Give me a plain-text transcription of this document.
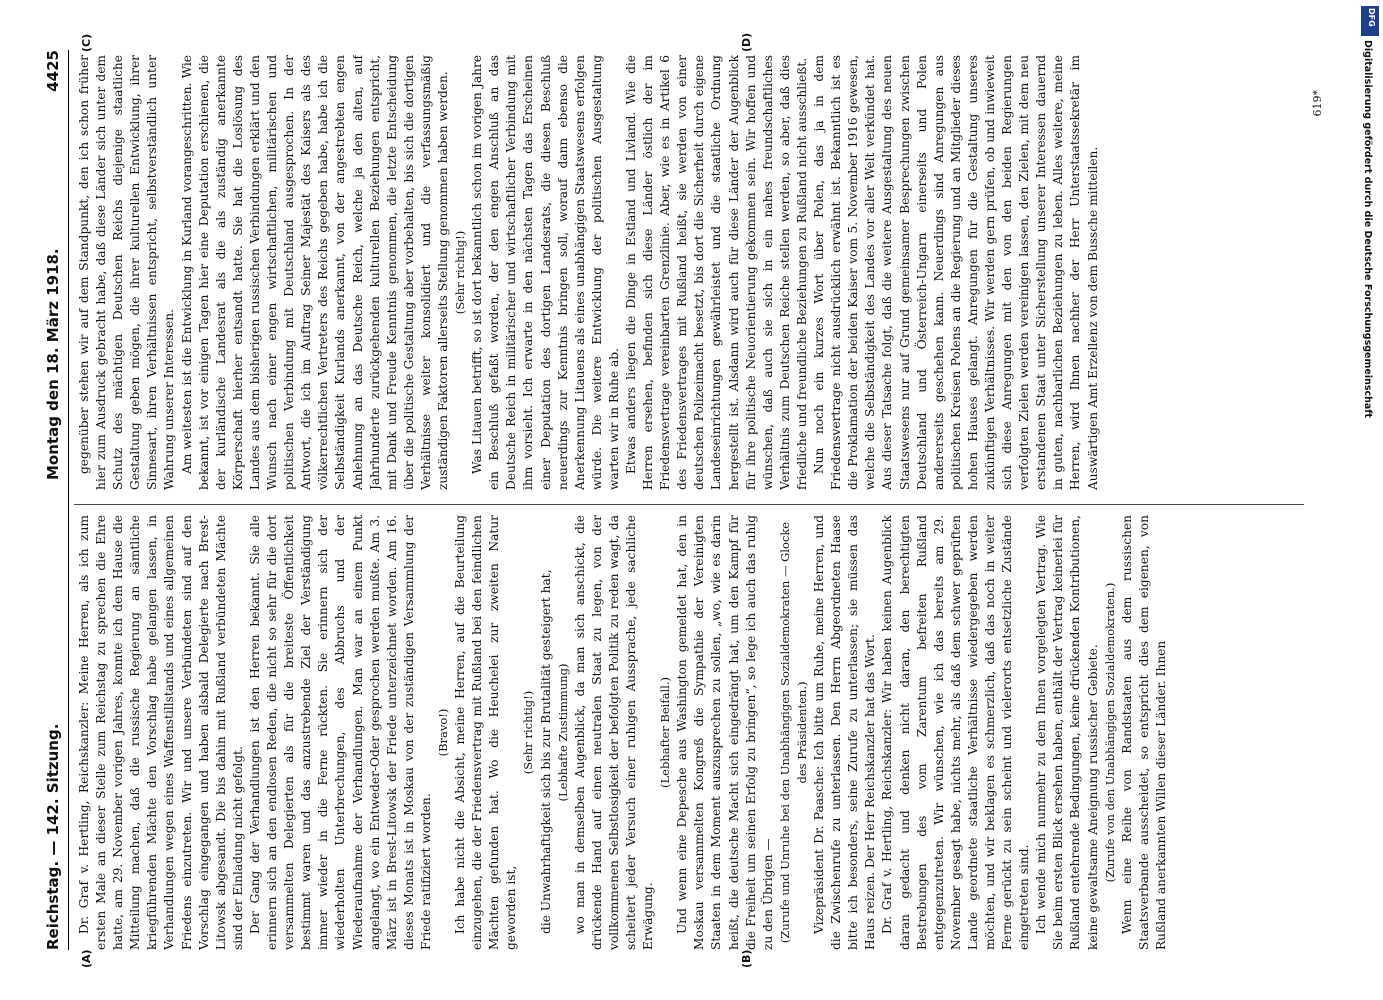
Reichstag. — 142. Sitzung.
Montag den 18. März 1918.
4425
(A)	(B)
(C)	(D)

Dr. Graf v. Hertling, Reichskanzler: Meine Herren, als ich zum ersten Male an dieser Stelle zum Reichstag zu sprechen die Ehre hatte, am 29. November vorigen Jahres, konnte ich dem Hause die Mitteilung machen, daß die russische Regierung an sämtliche kriegführenden Mächte den Vorschlag habe gelangen lassen, in Verhandlungen wegen eines Waffenstillstands und eines allgemeinen Friedens einzutreten. Wir und unsere Verbündeten sind auf den Vorschlag eingegangen und haben alsbald Delegierte nach Brest-Litowsk abgesandt. Die bis dahin mit Rußland verbündeten Mächte sind der Einladung nicht gefolgt. Der Gang der Verhandlungen ist den Herren bekannt. Sie alle erinnern sich an den endlosen Reden, die nicht so sehr für die dort versammelten Delegierten als für die breiteste Öffentlichkeit bestimmt waren und das anzustrebende Ziel der Verständigung immer wieder in die Ferne rückten. Sie erinnern sich der wiederholten Unterbrechungen, des Abbruchs und der Wiederaufnahme der Verhandlungen. Man war an einem Punkt angelangt, wo ein Entweder-Oder gesprochen werden mußte. Am 3. März ist in Brest-Litowsk der Friede unterzeichnet worden. Am 16. dieses Monats ist in Moskau von der zuständigen Versammlung der Friede ratifiziert worden.

(Bravo!) Ich habe nicht die Absicht, meine Herren, auf die Beurteilung einzugehen, die der Friedensvertrag mit Rußland bei den feindlichen Mächten gefunden hat. Wo die Heuchelei zur zweiten Natur geworden ist,

(Sehr richtig!) die Unwahrhaftigkeit sich bis zur Brutalität gesteigert hat, (Lebhafte Zustimmung) wo man in demselben Augenblick, da man sich anschickt, die drückende Hand auf einen neutralen Staat zu legen, von der vollkommenen Selbstlosigkeit der befolgten Politik zu reden wagt, da scheitert jeder Versuch einer ruhigen Aussprache, jede sachliche Erwägung.

(Lebhafter Beifall.) Und wenn eine Depesche aus Washington gemeldet hat, den in Moskau versammelten Kongreß die Sympathie der Vereinigten Staaten in dem Moment auszusprechen zu sollen, „wo, wie es darin heißt, die deutsche Macht sich eingedrängt hat, um den Kampf für die Freiheit um seinen Erfolg zu bringen“, so lege ich auch das ruhig zu den Übrigen — (Zurufe und Unruhe bei den Unabhängigen Sozialdemokraten — Glocke des Präsidenten.) Vizepräsident Dr. Paasche: Ich bitte um Ruhe, meine Herren, und die Zwischenrufe zu unterlassen. Den Herrn Abgeordneten Haase bitte ich besonders, seine Zurufe zu unterlassen; sie müssen das Haus reizen. Der Herr Reichskanzler hat das Wort. Dr. Graf v. Hertling, Reichskanzler: Wir haben keinen Augenblick daran gedacht und denken nicht daran, den berechtigten Bestrebungen des vom Zarentum befreiten Rußland entgegenzutreten. Wir wünschen, wie ich das bereits am 29. November gesagt habe, nichts mehr, als daß dem schwer geprüften Lande geordnete staatliche Verhältnisse wiedergegeben werden möchten, und wir beklagen es schmerzlich, daß das noch in weiter Ferne gerückt zu sein scheint und vielerorts entsetzliche Zustände eingetreten sind. Ich wende mich nunmehr zu dem Ihnen vorgelegten Vertrag. Wie Sie beim ersten Blick ersehen haben, enthält der Vertrag keinerlei für Rußland entehrende Bedingungen, keine drückenden Kontributionen, keine gewaltsame Aneignung russischer Gebiete. (Zurufe von den Unabhängigen Sozialdemokraten.) Wenn eine Reihe von Randstaaten aus dem russischen Staatsverbande ausscheidet, so entspricht dies dem eigenen, von Rußland anerkannten Willen dieser Länder. Ihnen

gegenüber stehen wir auf dem Standpunkt, den ich schon früher hier zum Ausdruck gebracht habe, daß diese Länder sich unter dem Schutz des mächtigen Deutschen Reichs diejenige staatliche Gestaltung geben mögen, die ihrer kulturellen Entwicklung, ihrer Sinnesart, ihren Verhältnissen entspricht, selbstverständlich unter Wahrung unserer Interessen. Am weitesten ist die Entwicklung in Kurland vorangeschritten. Wie bekannt, ist vor einigen Tagen hier eine Deputation erschienen, die der kurländische Landesrat als die als zuständig anerkannte Körperschaft hierher entsandt hatte. Sie hat die Loslösung des Landes aus dem bisherigen russischen Verbindungen erklärt und den Wunsch nach einer engen wirtschaftlichen, militärischen und politischen Verbindung mit Deutschland ausgesprochen. In der Antwort, die ich im Auftrag Seiner Majestät des Kaisers als des völkerrechtlichen Vertreters des Reichs gegeben habe, habe ich die Selbständigkeit Kurlands anerkannt, von der angestrebten engen Anlehnung an das Deutsche Reich, welche ja den alten, auf Jahrhunderte zurückgehenden kulturellen Beziehungen entspricht, mit Dank und Freude Kenntnis genommen, die letzte Entscheidung über die politische Gestaltung aber vorbehalten, bis sich die dortigen Verhältnisse weiter konsolidiert und die verfassungsmäßig zuständigen Faktoren allerseits Stellung genommen haben werden. (Sehr richtig!) Was Litauen betrifft, so ist dort bekanntlich schon im vorigen Jahre ein Beschluß gefaßt worden, der den engen Anschluß an das Deutsche Reich in militärischer und wirtschaftlicher Verbindung mit ihm vorsieht. Ich erwarte in den nächsten Tagen das Erscheinen einer Deputation des dortigen Landesrats, die diesen Beschluß neuerdings zur Kenntnis bringen soll, worauf dann ebenso die Anerkennung Litauens als eines unabhängigen Staatswesens erfolgen würde. Die weitere Entwicklung der politischen Ausgestaltung warten wir in Ruhe ab. Etwas anders liegen die Dinge in Estland und Livland. Wie die Herren ersehen, befinden sich diese Länder östlich der im Friedensvertrage vereinbarten Grenzlinie. Aber, wie es in Artikel 6 des Friedensvertrages mit Rußland heißt, sie werden von einer deutschen Polizeimacht besetzt, bis dort die Sicherheit durch eigene Landeseinrichtungen gewährleistet und die staatliche Ordnung hergestellt ist. Alsdann wird auch für diese Länder der Augenblick für ihre politische Neuorientierung gekommen sein. Wir hoffen und wünschen, daß auch sie sich in ein nahes freundschaftliches Verhältnis zum Deutschen Reiche stellen werden, so aber, daß dies friedliche und freundliche Beziehungen zu Rußland nicht ausschließt. Nun noch ein kurzes Wort über Polen, das ja in dem Friedensvertrage nicht ausdrücklich erwähnt ist. Bekanntlich ist es die Proklamation der beiden Kaiser vom 5. November 1916 gewesen, welche die Selbständigkeit des Landes vor aller Welt verkündet hat. Aus dieser Tatsache folgt, daß die weitere Ausgestaltung des neuen Staatswesens nur auf Grund gemeinsamer Besprechungen zwischen Deutschland und Österreich-Ungarn einerseits und Polen andererseits geschehen kann. Neuerdings sind Anregungen aus politischen Kreisen Polens an die Regierung und an Mitglieder dieses hohen Hauses gelangt. Anregungen für die Gestaltung unseres zukünftigen Verhältnisses. Wir werden gern prüfen, ob und inwieweit sich diese Anregungen mit den von den beiden Regierungen verfolgten Zielen werden vereinigen lassen, den Zielen, mit dem neu erstandenen Staat unter Sicherstellung unserer Interessen dauernd in guten, nachbarlichen Beziehungen zu leben. Alles weitere, meine Herren, wird Ihnen nachher der Herr Unterstaatssekretär im Auswärtigen Amt Erzellenz von dem Bussche mitteilen.

619*
DFG
Digitalisierung gefördert durch die Deutsche Forschungsgemeinschaft
